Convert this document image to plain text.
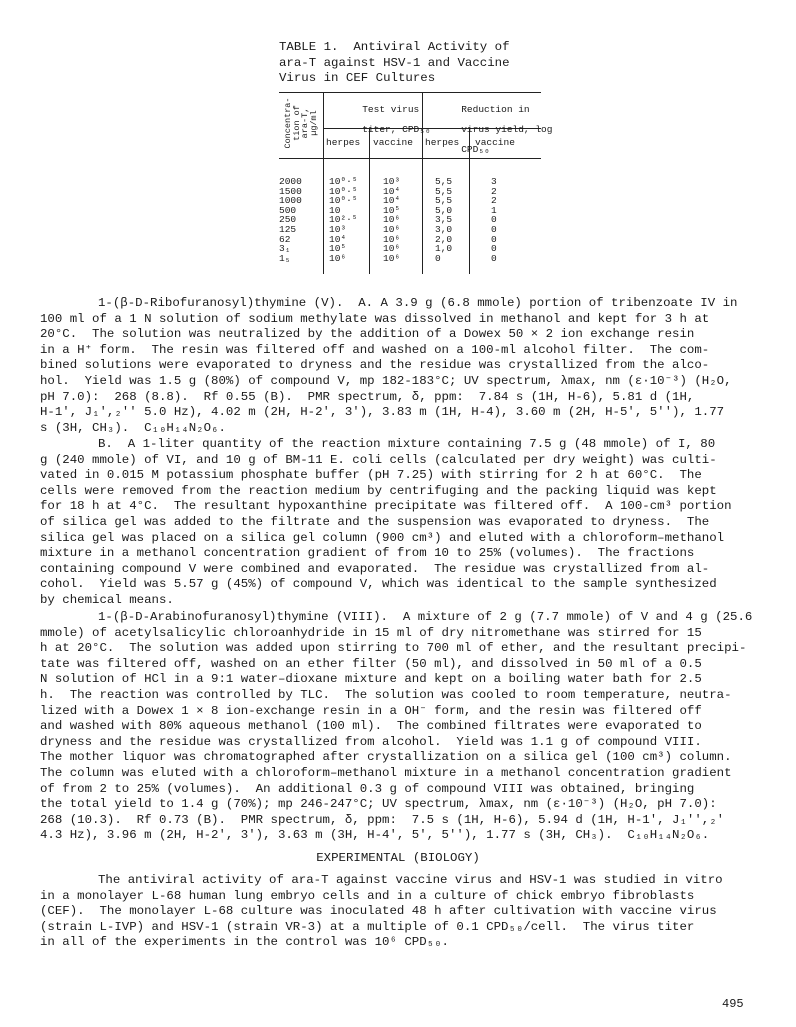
TABLE 1.  Antiviral Activity of
ara-T against HSV-1 and Vaccine
Virus in CEF Cultures
Concentra-
tion of
ara-T,
µg/ml

Test virus

titer, CPD₅₀

Reduction in

virus yield, log

CPD₅₀

herpes vaccine herpes vaccine
2000
1500
1000
500
250
125
62
3₁
1₅
10⁰·⁵
10⁰·⁵
10⁰·⁵
10
10²·⁵
10³
10⁴
10⁵
10⁶
10³
10⁴
10⁴
10⁵
10⁶
10⁶
10⁶
10⁶
10⁶
5,5
5,5
5,5
5,0
3,5
3,0
2,0
1,0
0
3
2
2
1
0
0
0
0
0
1-(β-D-Ribofuranosyl)thymine (V).  A. A 3.9 g (6.8 mmole) portion of tribenzoate IV in
100 ml of a 1 N solution of sodium methylate was dissolved in methanol and kept for 3 h at
20°C.  The solution was neutralized by the addition of a Dowex 50 × 2 ion exchange resin
in a H⁺ form.  The resin was filtered off and washed on a 100-ml alcohol filter.  The com-
bined solutions were evaporated to dryness and the residue was crystallized from the alco-
hol.  Yield was 1.5 g (80%) of compound V, mp 182-183°C; UV spectrum, λmax, nm (ε·10⁻³) (H₂O,
pH 7.0):  268 (8.8).  Rf 0.55 (B).  PMR spectrum, δ, ppm:  7.84 s (1H, H-6), 5.81 d (1H,
H-1', J₁',₂'' 5.0 Hz), 4.02 m (2H, H-2', 3'), 3.83 m (1H, H-4), 3.60 m (2H, H-5', 5''), 1.77
s (3H, CH₃).  C₁₀H₁₄N₂O₆.
B.  A 1-liter quantity of the reaction mixture containing 7.5 g (48 mmole) of I, 80
g (240 mmole) of VI, and 10 g of BM-11 E. coli cells (calculated per dry weight) was culti-
vated in 0.015 M potassium phosphate buffer (pH 7.25) with stirring for 2 h at 60°C.  The
cells were removed from the reaction medium by centrifuging and the packing liquid was kept
for 18 h at 4°C.  The resultant hypoxanthine precipitate was filtered off.  A 100-cm³ portion
of silica gel was added to the filtrate and the suspension was evaporated to dryness.  The
silica gel was placed on a silica gel column (900 cm³) and eluted with a chloroform–methanol
mixture in a methanol concentration gradient of from 10 to 25% (volumes).  The fractions
containing compound V were combined and evaporated.  The residue was crystallized from al-
cohol.  Yield was 5.57 g (45%) of compound V, which was identical to the sample synthesized
by chemical means.
1-(β-D-Arabinofuranosyl)thymine (VIII).  A mixture of 2 g (7.7 mmole) of V and 4 g (25.6
mmole) of acetylsalicylic chloroanhydride in 15 ml of dry nitromethane was stirred for 15
h at 20°C.  The solution was added upon stirring to 700 ml of ether, and the resultant precipi-
tate was filtered off, washed on an ether filter (50 ml), and dissolved in 50 ml of a 0.5
N solution of HCl in a 9:1 water–dioxane mixture and kept on a boiling water bath for 2.5
h.  The reaction was controlled by TLC.  The solution was cooled to room temperature, neutra-
lized with a Dowex 1 × 8 ion-exchange resin in a OH⁻ form, and the resin was filtered off
and washed with 80% aqueous methanol (100 ml).  The combined filtrates were evaporated to
dryness and the residue was crystallized from alcohol.  Yield was 1.1 g of compound VIII.
The mother liquor was chromatographed after crystallization on a silica gel (100 cm³) column.
The column was eluted with a chloroform–methanol mixture in a methanol concentration gradient
of from 2 to 25% (volumes).  An additional 0.3 g of compound VIII was obtained, bringing
the total yield to 1.4 g (70%); mp 246-247°C; UV spectrum, λmax, nm (ε·10⁻³) (H₂O, pH 7.0):
268 (10.3).  Rf 0.73 (B).  PMR spectrum, δ, ppm:  7.5 s (1H, H-6), 5.94 d (1H, H-1', J₁'',₂'
4.3 Hz), 3.96 m (2H, H-2', 3'), 3.63 m (3H, H-4', 5', 5''), 1.77 s (3H, CH₃).  C₁₀H₁₄N₂O₆.
EXPERIMENTAL (BIOLOGY)
The antiviral activity of ara-T against vaccine virus and HSV-1 was studied in vitro
in a monolayer L-68 human lung embryo cells and in a culture of chick embryo fibroblasts
(CEF).  The monolayer L-68 culture was inoculated 48 h after cultivation with vaccine virus
(strain L-IVP) and HSV-1 (strain VR-3) at a multiple of 0.1 CPD₅₀/cell.  The virus titer
in all of the experiments in the control was 10⁶ CPD₅₀.
495
